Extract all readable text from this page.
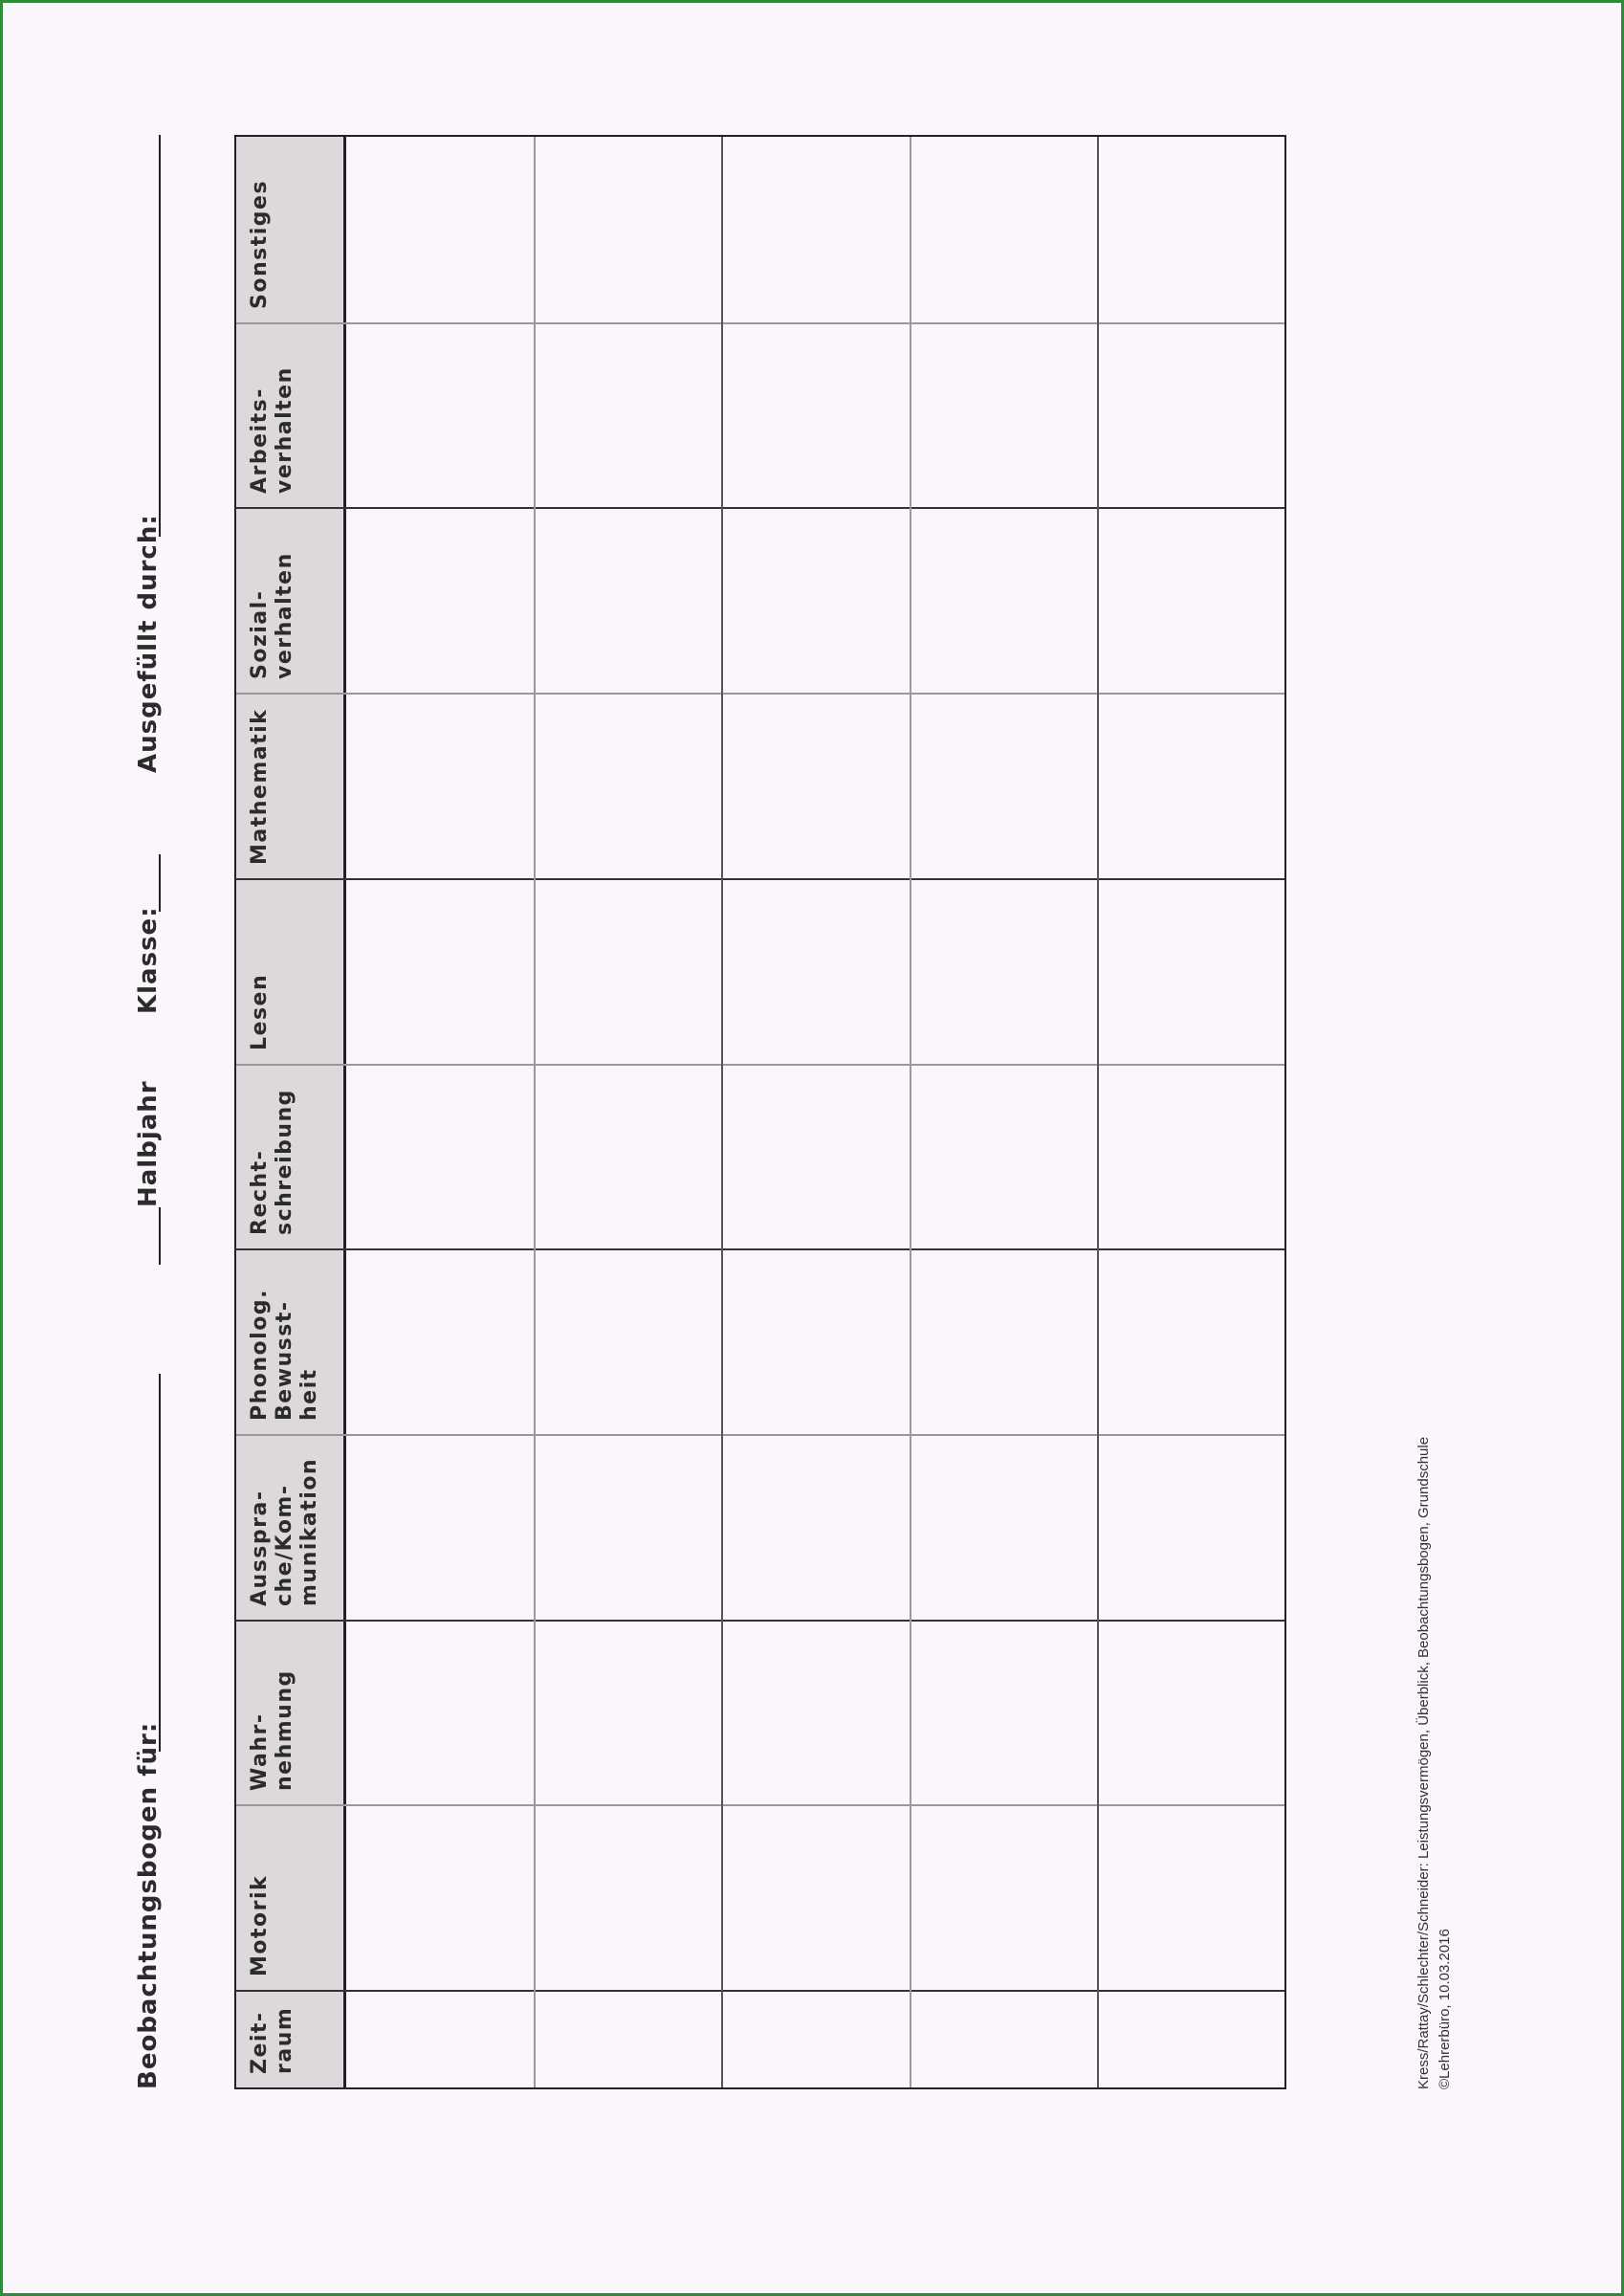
Beobachtungsbogen für:
Halbjahr
Klasse:
Ausgefüllt durch:
Zeit-
raum
Motorik
Wahr-
nehmung
Ausspra-
che/Kom-
munikation
Phonolog.
Bewusst-
heit
Recht-
schreibung
Lesen
Mathematik
Sozial-
verhalten
Arbeits-
verhalten
Sonstiges
Kress/Rattay/Schlechter/Schneider: Leistungsvermögen, Überblick, Beobachtungsbogen, Grundschule
©Lehrerbüro, 10.03.2016
